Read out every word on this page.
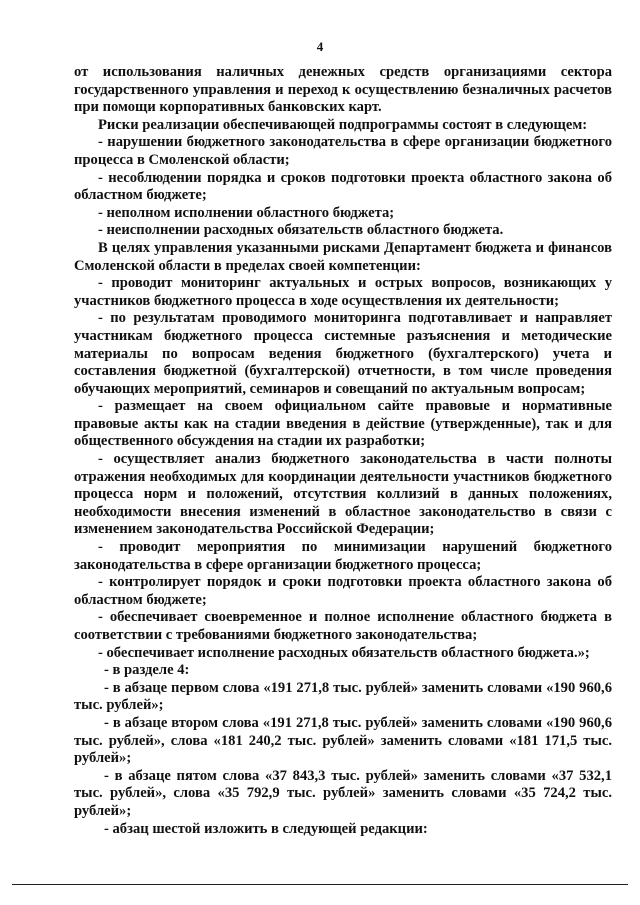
4

от использования наличных денежных средств организациями сектора государственного управления и переход к осуществлению безналичных расчетов при помощи корпоративных банковских карт.

Риски реализации обеспечивающей подпрограммы состоят в следующем:

- нарушении бюджетного законодательства в сфере организации бюджетного процесса в Смоленской области;

- несоблюдении порядка и сроков подготовки проекта областного закона об областном бюджете;

- неполном исполнении областного бюджета;

- неисполнении расходных обязательств областного бюджета.

В целях управления указанными рисками Департамент бюджета и финансов Смоленской области в пределах своей компетенции:

- проводит мониторинг актуальных и острых вопросов, возникающих у участников бюджетного процесса в ходе осуществления их деятельности;

- по результатам проводимого мониторинга подготавливает и направляет участникам бюджетного процесса системные разъяснения и методические материалы по вопросам ведения бюджетного (бухгалтерского) учета и составления бюджетной (бухгалтерской) отчетности, в том числе проведения обучающих мероприятий, семинаров и совещаний по актуальным вопросам;

- размещает на своем официальном сайте правовые и нормативные правовые акты как на стадии введения в действие (утвержденные), так и для общественного обсуждения на стадии их разработки;

- осуществляет анализ бюджетного законодательства в части полноты отражения необходимых для координации деятельности участников бюджетного процесса норм и положений, отсутствия коллизий в данных положениях, необходимости внесения изменений в областное законодательство в связи с изменением законодательства Российской Федерации;

- проводит мероприятия по минимизации нарушений бюджетного законодательства в сфере организации бюджетного процесса;

- контролирует порядок и сроки подготовки проекта областного закона об областном бюджете;

- обеспечивает своевременное и полное исполнение областного бюджета в соответствии с требованиями бюджетного законодательства;

- обеспечивает исполнение расходных обязательств областного бюджета.»;

- в разделе 4:

- в абзаце первом слова «191 271,8 тыс. рублей» заменить словами «190 960,6 тыс. рублей»;

- в абзаце втором слова «191 271,8 тыс. рублей» заменить словами «190 960,6 тыс. рублей», слова «181 240,2 тыс. рублей» заменить словами «181 171,5 тыс. рублей»;

- в абзаце пятом слова «37 843,3 тыс. рублей» заменить словами «37 532,1 тыс. рублей», слова «35 792,9 тыс. рублей» заменить словами «35 724,2 тыс. рублей»;

- абзац шестой изложить в следующей редакции:
